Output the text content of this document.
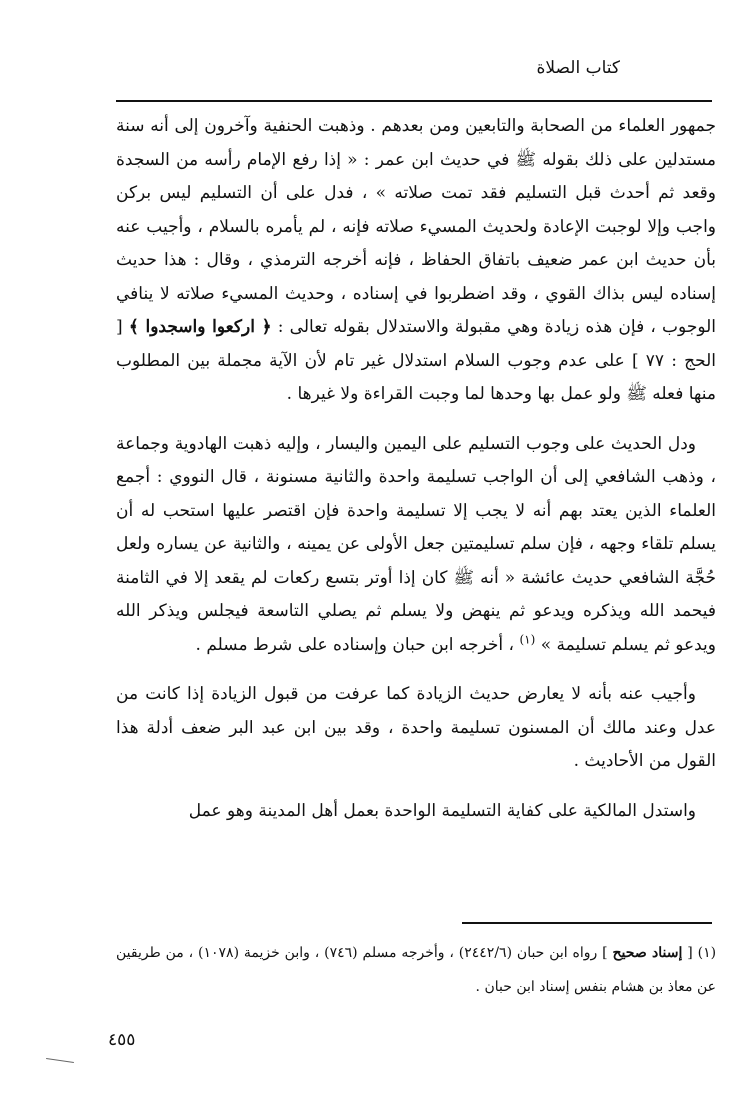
كتاب الصلاة

جمهور العلماء من الصحابة والتابعين ومن بعدهم . وذهبت الحنفية وآخرون إلى أنه سنة مستدلين على ذلك بقوله ﷺ في حديث ابن عمر : « إذا رفع الإمام رأسه من السجدة وقعد ثم أحدث قبل التسليم فقد تمت صلاته » ، فدل على أن التسليم ليس بركن واجب وإلا لوجبت الإعادة ولحديث المسيء صلاته فإنه ، لم يأمره بالسلام ، وأجيب عنه بأن حديث ابن عمر ضعيف باتفاق الحفاظ ، فإنه أخرجه الترمذي ، وقال : هذا حديث إسناده ليس بذاك القوي ، وقد اضطربوا في إسناده ، وحديث المسيء صلاته لا ينافي الوجوب ، فإن هذه زيادة وهي مقبولة والاستدلال بقوله تعالى : ﴿ اركعوا واسجدوا ﴾ [ الحج : ٧٧ ] على عدم وجوب السلام استدلال غير تام لأن الآية مجملة بين المطلوب منها فعله ﷺ ولو عمل بها وحدها لما وجبت القراءة ولا غيرها .

ودل الحديث على وجوب التسليم على اليمين واليسار ، وإليه ذهبت الهادوية وجماعة ، وذهب الشافعي إلى أن الواجب تسليمة واحدة والثانية مسنونة ، قال النووي : أجمع العلماء الذين يعتد بهم أنه لا يجب إلا تسليمة واحدة فإن اقتصر عليها استحب له أن يسلم تلقاء وجهه ، فإن سلم تسليمتين جعل الأولى عن يمينه ، والثانية عن يساره ولعل حُجَّة الشافعي حديث عائشة « أنه ﷺ كان إذا أوتر بتسع ركعات لم يقعد إلا في الثامنة فيحمد الله ويذكره ويدعو ثم ينهض ولا يسلم ثم يصلي التاسعة فيجلس ويذكر الله ويدعو ثم يسلم تسليمة » $^{(١)}$ ، أخرجه ابن حبان وإسناده على شرط مسلم .

وأجيب عنه بأنه لا يعارض حديث الزيادة كما عرفت من قبول الزيادة إذا كانت من عدل وعند مالك أن المسنون تسليمة واحدة ، وقد بين ابن عبد البر ضعف أدلة هذا القول من الأحاديث .

واستدل المالكية على كفاية التسليمة الواحدة بعمل أهل المدينة وهو عمل

(١) [ إسناد صحيح ] رواه ابن حبان (٢٤٤٢/٦) ، وأخرجه مسلم (٧٤٦) ، وابن خزيمة (١٠٧٨) ، من طريقين عن معاذ بن هشام بنفس إسناد ابن حبان .
٤٥٥
